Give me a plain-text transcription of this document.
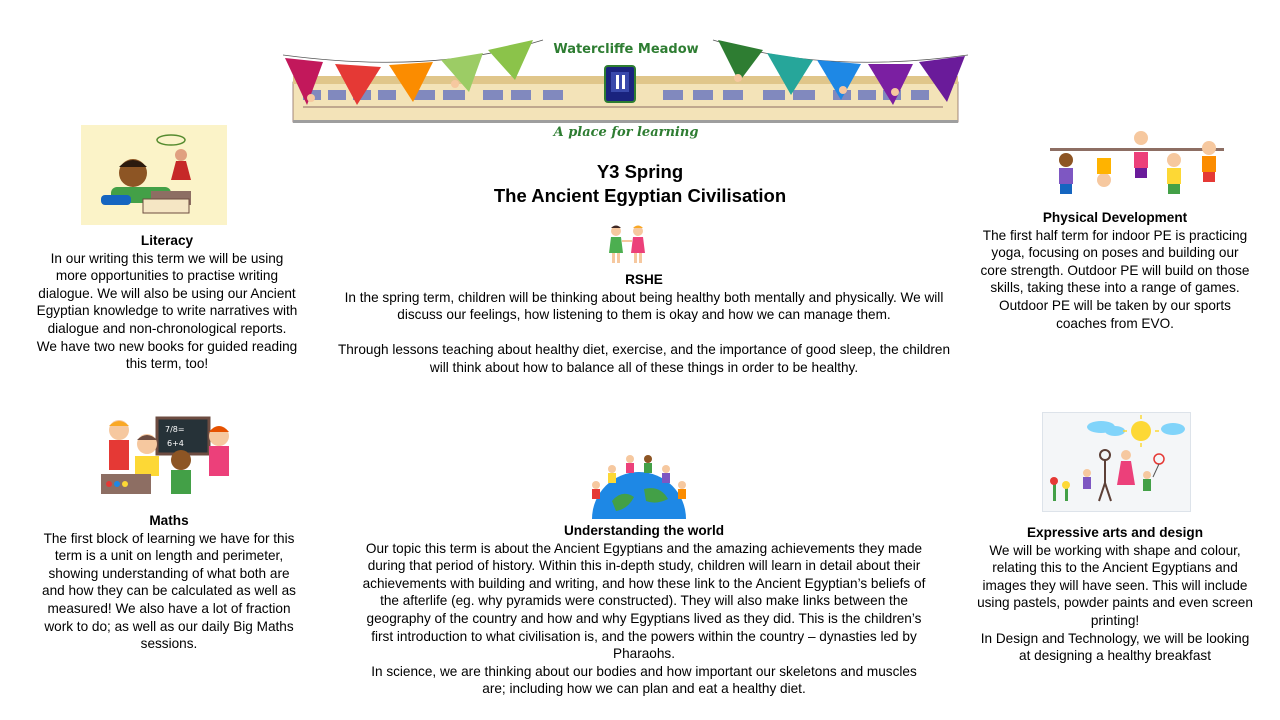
Watercliffe Meadow
A place for learning
Y3 Spring
The Ancient Egyptian Civilisation
Literacy
In our writing this term we will be using more opportunities to practise writing dialogue. We will also be using our Ancient Egyptian knowledge to write narratives with dialogue and non-chronological reports. We have two new books for guided reading this term, too!
RSHE
In the spring term, children will be thinking about being healthy both mentally and physically. We will discuss our feelings, how listening to them is okay and how we can manage them.
Through lessons teaching about healthy diet, exercise, and the importance of good sleep, the children will think about how to balance all of these things in order to be healthy.
Physical Development
The first half term for indoor PE is practicing yoga, focusing on poses and building our core strength. Outdoor PE will build on those skills, taking these into a range of games. Outdoor PE will be taken by our sports coaches from EVO.
7/8=
6+4
Maths
The first block of learning we have for this term is a unit on length and perimeter, showing understanding of what both are and how they can be calculated as well as measured! We also have a lot of fraction work to do; as well as our daily Big Maths sessions.
Understanding the world
Our topic this term is about the Ancient Egyptians and the amazing achievements they made during that period of history. Within this in-depth study, children will learn in detail about their achievements with building and writing, and how these link to the Ancient Egyptian’s beliefs of the afterlife (eg. why pyramids were constructed). They will also make links between the geography of the country and how and why Egyptians lived as they did. This is the children’s first introduction to what civilisation is, and the powers within the country – dynasties led by Pharaohs.
In science, we are thinking about our bodies and how important our skeletons and muscles are; including how we can plan and eat a healthy diet.
Expressive arts and design
We will be working with shape and colour, relating this to the Ancient Egyptians and images they will have seen. This will include using pastels, powder paints and even screen printing!
In Design and Technology, we will be looking at designing a healthy breakfast
